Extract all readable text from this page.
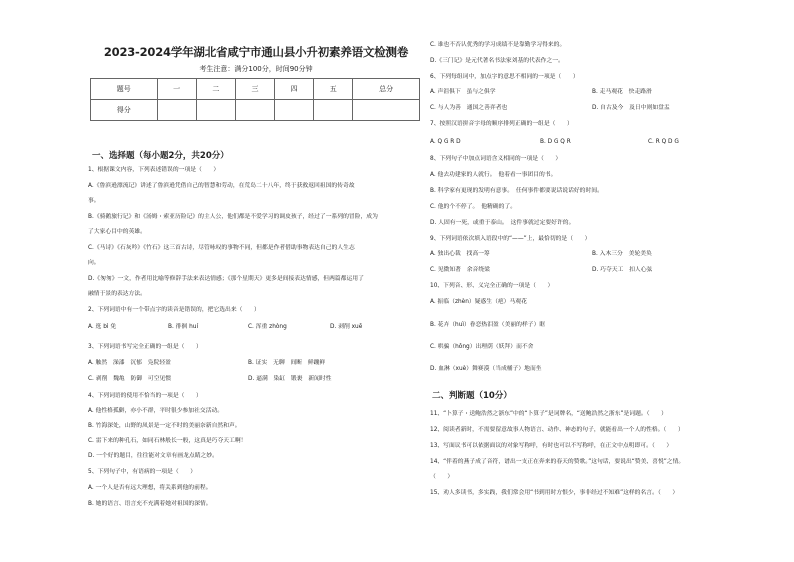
2023-2024学年湖北省咸宁市通山县小升初素养语文检测卷
考生注意：满分100分，时间90分钟
题号	一	二	三	四	五	总分
得分						
一、选择题（每小题2分，共20分）
1、根据课文内容，下列表述错误的一项是（　　）
A.《鲁滨逊漂流记》讲述了鲁滨逊凭借自己的智慧和劳动，在荒岛二十八年，终于获救返回祖国的传奇故
事。
B.《骑鹅旅行记》和《汤姆・索亚历险记》的主人公，他们都是不爱学习的调皮孩子，经过了一系列的冒险，成为
了大家心目中的英雄。
C.《马诗》《石灰吟》《竹石》这三首古诗，尽管咏叹的事物不同，但都是作者借助事物表达自己的人生志
向。
D.《匆匆》一文，作者用比喻等修辞手法来表达情感；《那个星期天》更多是间接表达情感，但两篇都运用了
融情于景的表达方法。
2、下列词语中有一个带点字的读音是错误的，把它选出来（　　）
A. 逛 bì 免	B. 徘徊 huí	C. 浑重 zhòng	D. 剥削 xuē
3、下列词语书写完全正确的一组是（　　）
A. 触然　澡漆　沉郁　凫院轻盈	B. 证实　无聊　间断　鲜蹦鲜
C. 剥削　魏亀　防御　可空见惯	D. 逼满　染缸　锻裹　新闻时性
4、下列词语的使用不恰当的一项是（　　）
A. 他性格孤僻，亦小不群，平时很少参加社交活动。
B. 竹海深处，山野的凤景是一定不时的美丽奈新自然和声。
C. 雷下来的种孔石，如同石林般长一般，这真是巧夺天工啊！
D. 一个好的题目，往往能对文章有画龙点睛之妙。
5、下列句子中，有语病的一项是（　　）
A. 一个人是否有远大理想，将关系到他的前程。
B. 她的语言、语言充不充满着她对祖国的深情。
C. 谁也不否认优秀的学习成绩不是靠勤学习得来的。
D.《三门记》是元代著名书法家刘基的代表作之一。
6、下列每组词中，加点字的意思不相同的一项是（　　）
A. 声沮俱下　虽与之俱学	B. 走马观花　快走路滑
C. 与人为善　通国之善弈者也	D. 自古及今　及日中则如盘盂
7、按照汉语拼音字母的顺序排列正确的一组是（　　）
A. Q G R D	B. D G Q R	C. R Q D G
8、下列句子中加点词语含义相同的一项是（　　）
A. 他去功建家的人就行。　他着看一事团目的书。
B. 科学家有更现的发明有意事。　任何事件都要说话说话好的时间。
C. 他的个不停了。　他精确的了。
D. 人固有一死，或重于泰山。　这件事就过定要好许的。
9、下列词语依次填入语段中的“——”上，最恰切的是（　　）
A. 独出心裁　找高一筹	B. 入木三分　美轮美奂
C. 见微知著　余音绕梁	D. 巧夺天工　扣人心弦
10、下列音、形、义完全正确的一项是（　　）
A. 振临（zhèn）疑惑生（疤）马观花
B. 花卉（huì）眷恋热泪盈（美丽的样子）眶
C. 哄骗（hǒng）出理荫（妖拜）而不舍
D. 血淋（xuè）舞赛漠（当成桶子）地而坐
二、判断题（10分）
11、“卜算子・送鲍浩然之浙东”中的“卜算子”是词牌名，“送鲍浩然之浙东”是词题。（　　）
12、阅读者新时，不需要留意故事人物语言、动作、神态的句子，就能看出一个人的性格。（　　）
13、写面议书可以依据面议的对象写称呼，有时也可以不写称呼，在正文中点明即可。（　　）
14、“伴着的燕子成了音符，谱出一支正在奔来的春天的赞歌。”这句话，要说出“赞美、喜悦”之情。
（　　）
15、劝人多读书，多实践，我们常会用“书到用时方恨少，事非经过不知难”这样的名言。（　　）
